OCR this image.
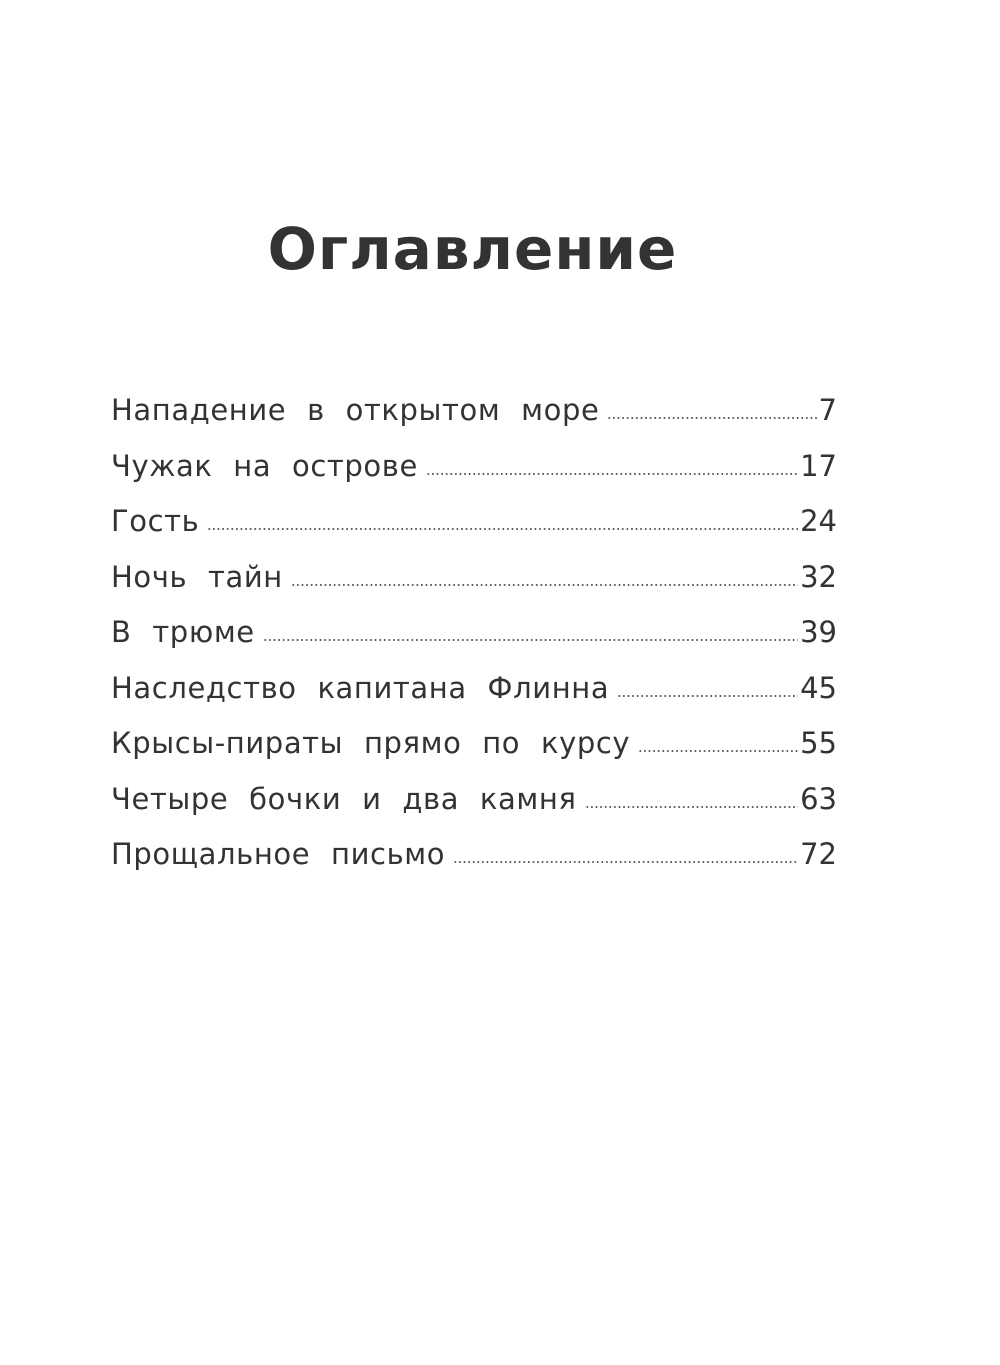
Оглавление
Нападение в открытом море	7
Чужак на острове	17
Гость	24
Ночь тайн	32
В трюме	39
Наследство капитана Флинна	45
Крысы-пираты прямо по курсу	55
Четыре бочки и два камня	63
Прощальное письмо	72
